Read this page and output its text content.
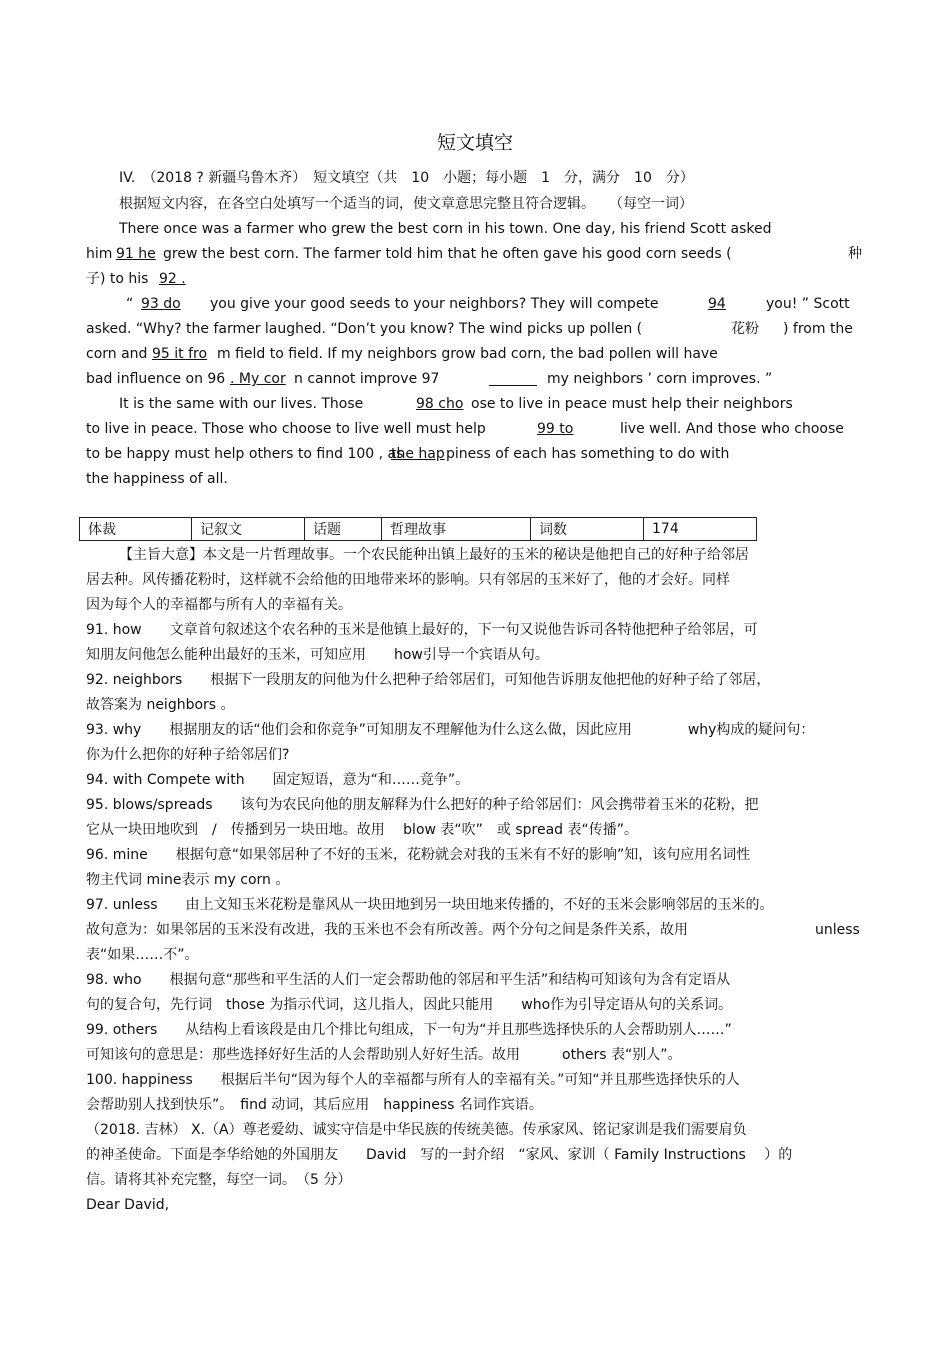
短文填空
IV.　（2018 ? 新疆乌鲁木齐）　短文填空（共　10　小题；每小题　1　分，满分　10　分）
根据短文内容，在各空白处填写一个适当的词，使文章意思完整且符合逻辑。　　（每空一词）
There once was a farmer who grew the best corn in his town. One day, his friend Scott asked
him 91 he grew the best corn. The farmer told him that he often gave his good corn seeds (	种
子) to his 92 .
“ 93 do	you give your good seeds to your neighbors? They will compete	94	you! ” Scott
asked. “Why? the farmer laughed. “Don’t you know? The wind picks up pollen (	花粉 ) from the
corn and 95 it fro m field to field. If my neighbors grow bad corn, the bad pollen will have
bad influence on 96 . My cor n cannot improve 97	my neighbors ’ corn improves. ”
It is the same with our lives. Those	98 cho ose to live in peace must help their neighbors
to live in peace. Those who choose to live well must help	99 to	live well. And those who choose
to be happy must help others to find 100 , as
the hap piness of each has something to do with
the happiness of all.
体裁	记叙文	话题	哲理故事	词数	174
【主旨大意】本文是一片哲理故事。一个农民能种出镇上最好的玉米的秘诀是他把自己的好种子给邻居
居去种。风传播花粉时，这样就不会给他的田地带来坏的影响。只有邻居的玉米好了，他的才会好。同样
因为每个人的幸福都与所有人的幸福有关。
91. how　　文章首句叙述这个农名种的玉米是他镇上最好的，下一句又说他告诉司各特他把种子给邻居，可
知朋友问他怎么能种出最好的玉米，可知应用　　how引导一个宾语从句。
92. neighbors　　根据下一段朋友的问他为什么把种子给邻居们，可知他告诉朋友他把他的好种子给了邻居，
故答案为 neighbors 。
93. why　　根据朋友的话“他们会和你竞争”可知朋友不理解他为什么这么做，因此应用　　　　why构成的疑问句：
你为什么把你的好种子给邻居们?
94. with Compete with　　固定短语，意为“和……竞争”。
95. blows/spreads　　该句为农民向他的朋友解释为什么把好的种子给邻居们：风会携带着玉米的花粉，把
它从一块田地吹到　/　传播到另一块田地。故用　 blow 表“吹”　或 spread 表“传播”。
96. mine　　根据句意“如果邻居种了不好的玉米，花粉就会对我的玉米有不好的影响”知，该句应用名词性
物主代词 mine表示 my corn 。
97. unless　　由上文知玉米花粉是靠风从一块田地到另一块田地来传播的，不好的玉米会影响邻居的玉米的。
故句意为：如果邻居的玉米没有改进，我的玉米也不会有所改善。两个分句之间是条件关系，故用	unless
表“如果……不”。
98. who　　根据句意“那些和平生活的人们一定会帮助他的邻居和平生活”和结构可知该句为含有定语从
句的复合句，先行词　those 为指示代词，这儿指人，因此只能用　　who作为引导定语从句的关系词。
99. others　　从结构上看该段是由几个排比句组成，下一句为“并且那些选择快乐的人会帮助别人……”
可知该句的意思是：那些选择好好生活的人会帮助别人好好生活。故用　　　others 表“别人”。
100. happiness　　根据后半句“因为每个人的幸福都与所有人的幸福有关。”可知“并且那些选择快乐的人
会帮助别人找到快乐”。　find 动词，其后应用　happiness 名词作宾语。
（2018. 吉林） X.（A）尊老爱幼、诚实守信是中华民族的传统美德。传承家风、铭记家训是我们需要肩负
的神圣使命。下面是李华给她的外国朋友　　David　写的一封介绍　“家风、家训（ Family Instructions　 ）的
信。请将其补充完整，每空一词。　（5 分）
Dear David,
